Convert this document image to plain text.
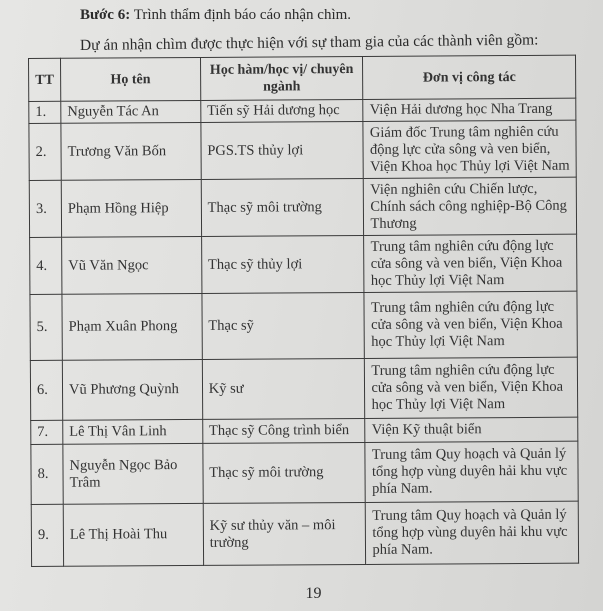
Bước 6: Trình thẩm định báo cáo nhận chìm.
Dự án nhận chìm được thực hiện với sự tham gia của các thành viên gồm:
TT	Họ tên	Học hàm/học vị/ chuyên ngành	Đơn vị công tác
1.	Nguyễn Tác An	Tiến sỹ Hải dương học	Viện Hải dương học Nha Trang
2.	Trương Văn Bốn	PGS.TS thủy lợi	Giám đốc Trung tâm nghiên cứu động lực cửa sông và ven biển, Viện Khoa học Thủy lợi Việt Nam
3.	Phạm Hồng Hiệp	Thạc sỹ môi trường	Viện nghiên cứu Chiến lược, Chính sách công nghiệp-Bộ Công Thương
4.	Vũ Văn Ngọc	Thạc sỹ thủy lợi	Trung tâm nghiên cứu động lực cửa sông và ven biển, Viện Khoa học Thủy lợi Việt Nam
5.	Phạm Xuân Phong	Thạc sỹ	Trung tâm nghiên cứu động lực cửa sông và ven biển, Viện Khoa học Thủy lợi Việt Nam
6.	Vũ Phương Quỳnh	Kỹ sư	Trung tâm nghiên cứu động lực cửa sông và ven biển, Viện Khoa học Thủy lợi Việt Nam
7.	Lê Thị Vân Linh	Thạc sỹ Công trình biển	Viện Kỹ thuật biển
8.	Nguyễn Ngọc Bảo Trâm	Thạc sỹ môi trường	Trung tâm Quy hoạch và Quản lý tổng hợp vùng duyên hải khu vực phía Nam.
9.	Lê Thị Hoài Thu	Kỹ sư thủy văn – môi trường	Trung tâm Quy hoạch và Quản lý tổng hợp vùng duyên hải khu vực phía Nam.
19
